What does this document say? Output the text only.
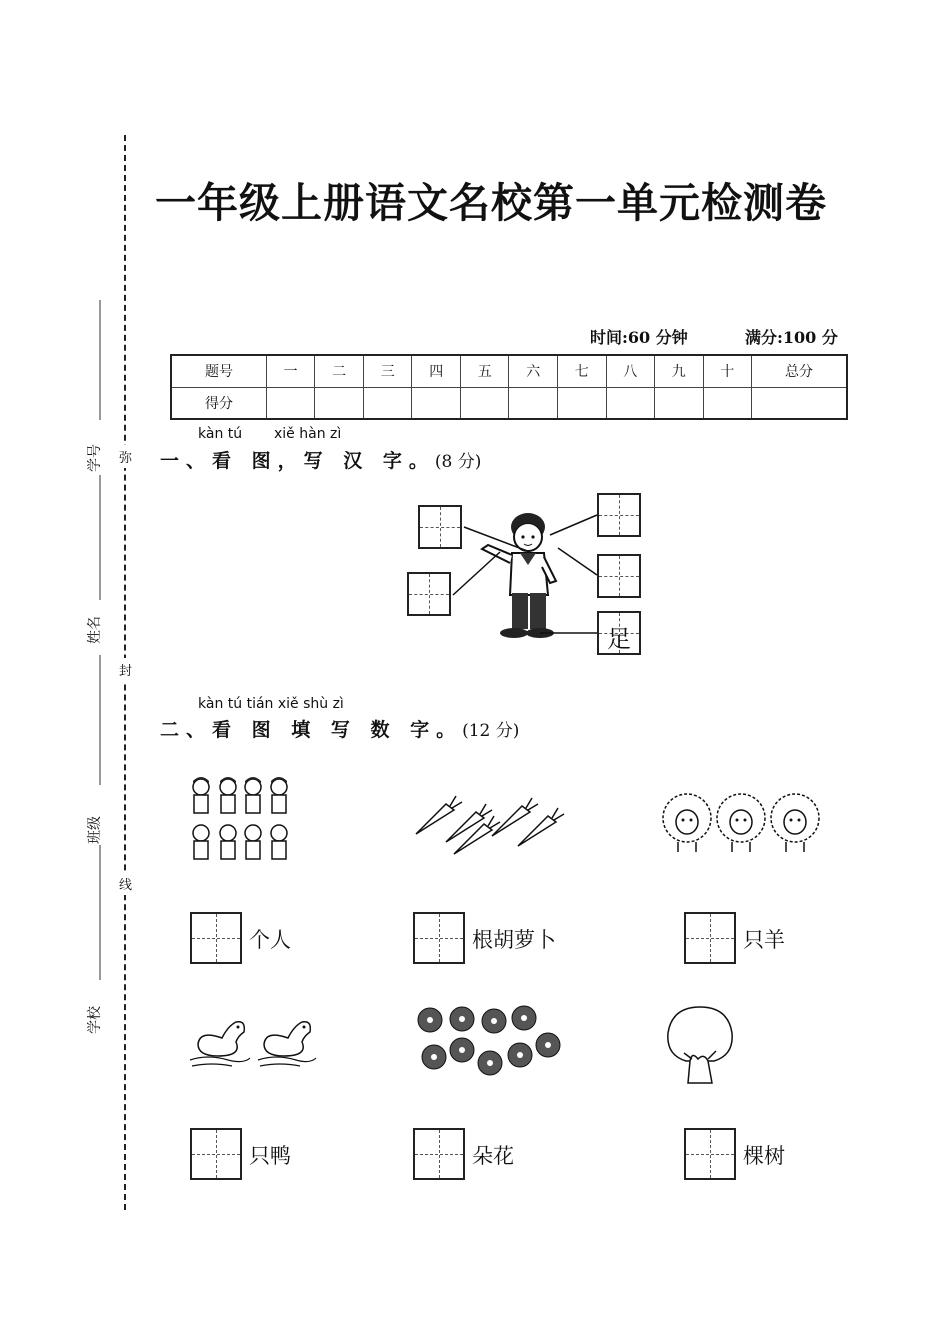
弥
封
线
学号
姓名
班级
学校
一年级上册语文名校第一单元检测卷
时间:60 分钟	满分:100 分
题号	一	二	三	四	五	六	七	八	九	十	总分
得分											
kàn tú xiě hàn zì
一、看 图，写 汉 字。(8 分)
足
kàn tú tián xiě shù zì
二、看 图 填 写 数 字。(12 分)
个人	根胡萝卜	只羊
只鸭	朵花	棵树
